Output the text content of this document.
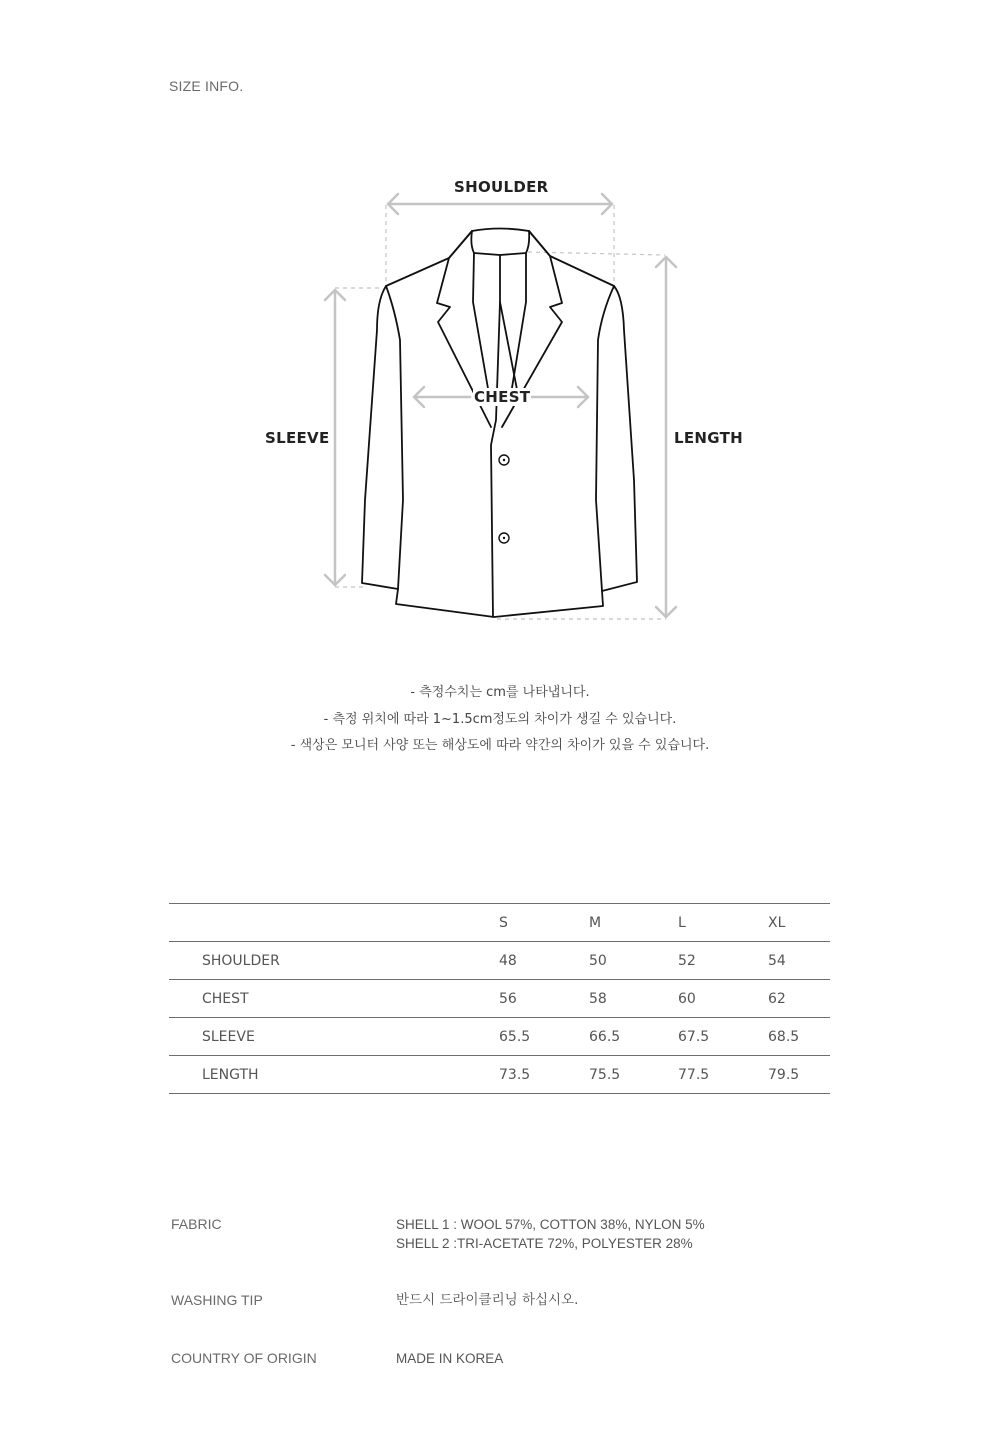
SIZE INFO.
SHOULDER
CHEST
SLEEVE	LENGTH
- 측정수치는 cm를 나타냅니다.
- 측정 위치에 따라 1~1.5cm정도의 차이가 생길 수 있습니다.
- 색상은 모니터 사양 또는 해상도에 따라 약간의 차이가 있을 수 있습니다.
	S	M	L	XL
SHOULDER	48	50	52	54
CHEST	56	58	60	62
SLEEVE	65.5	66.5	67.5	68.5
LENGTH	73.5	75.5	77.5	79.5
FABRIC	SHELL 1 : WOOL 57%, COTTON 38%, NYLON 5%
SHELL 2 :TRI-ACETATE 72%, POLYESTER 28%
WASHING TIP	반드시 드라이클리닝 하십시오.
COUNTRY OF ORIGIN	MADE IN KOREA
